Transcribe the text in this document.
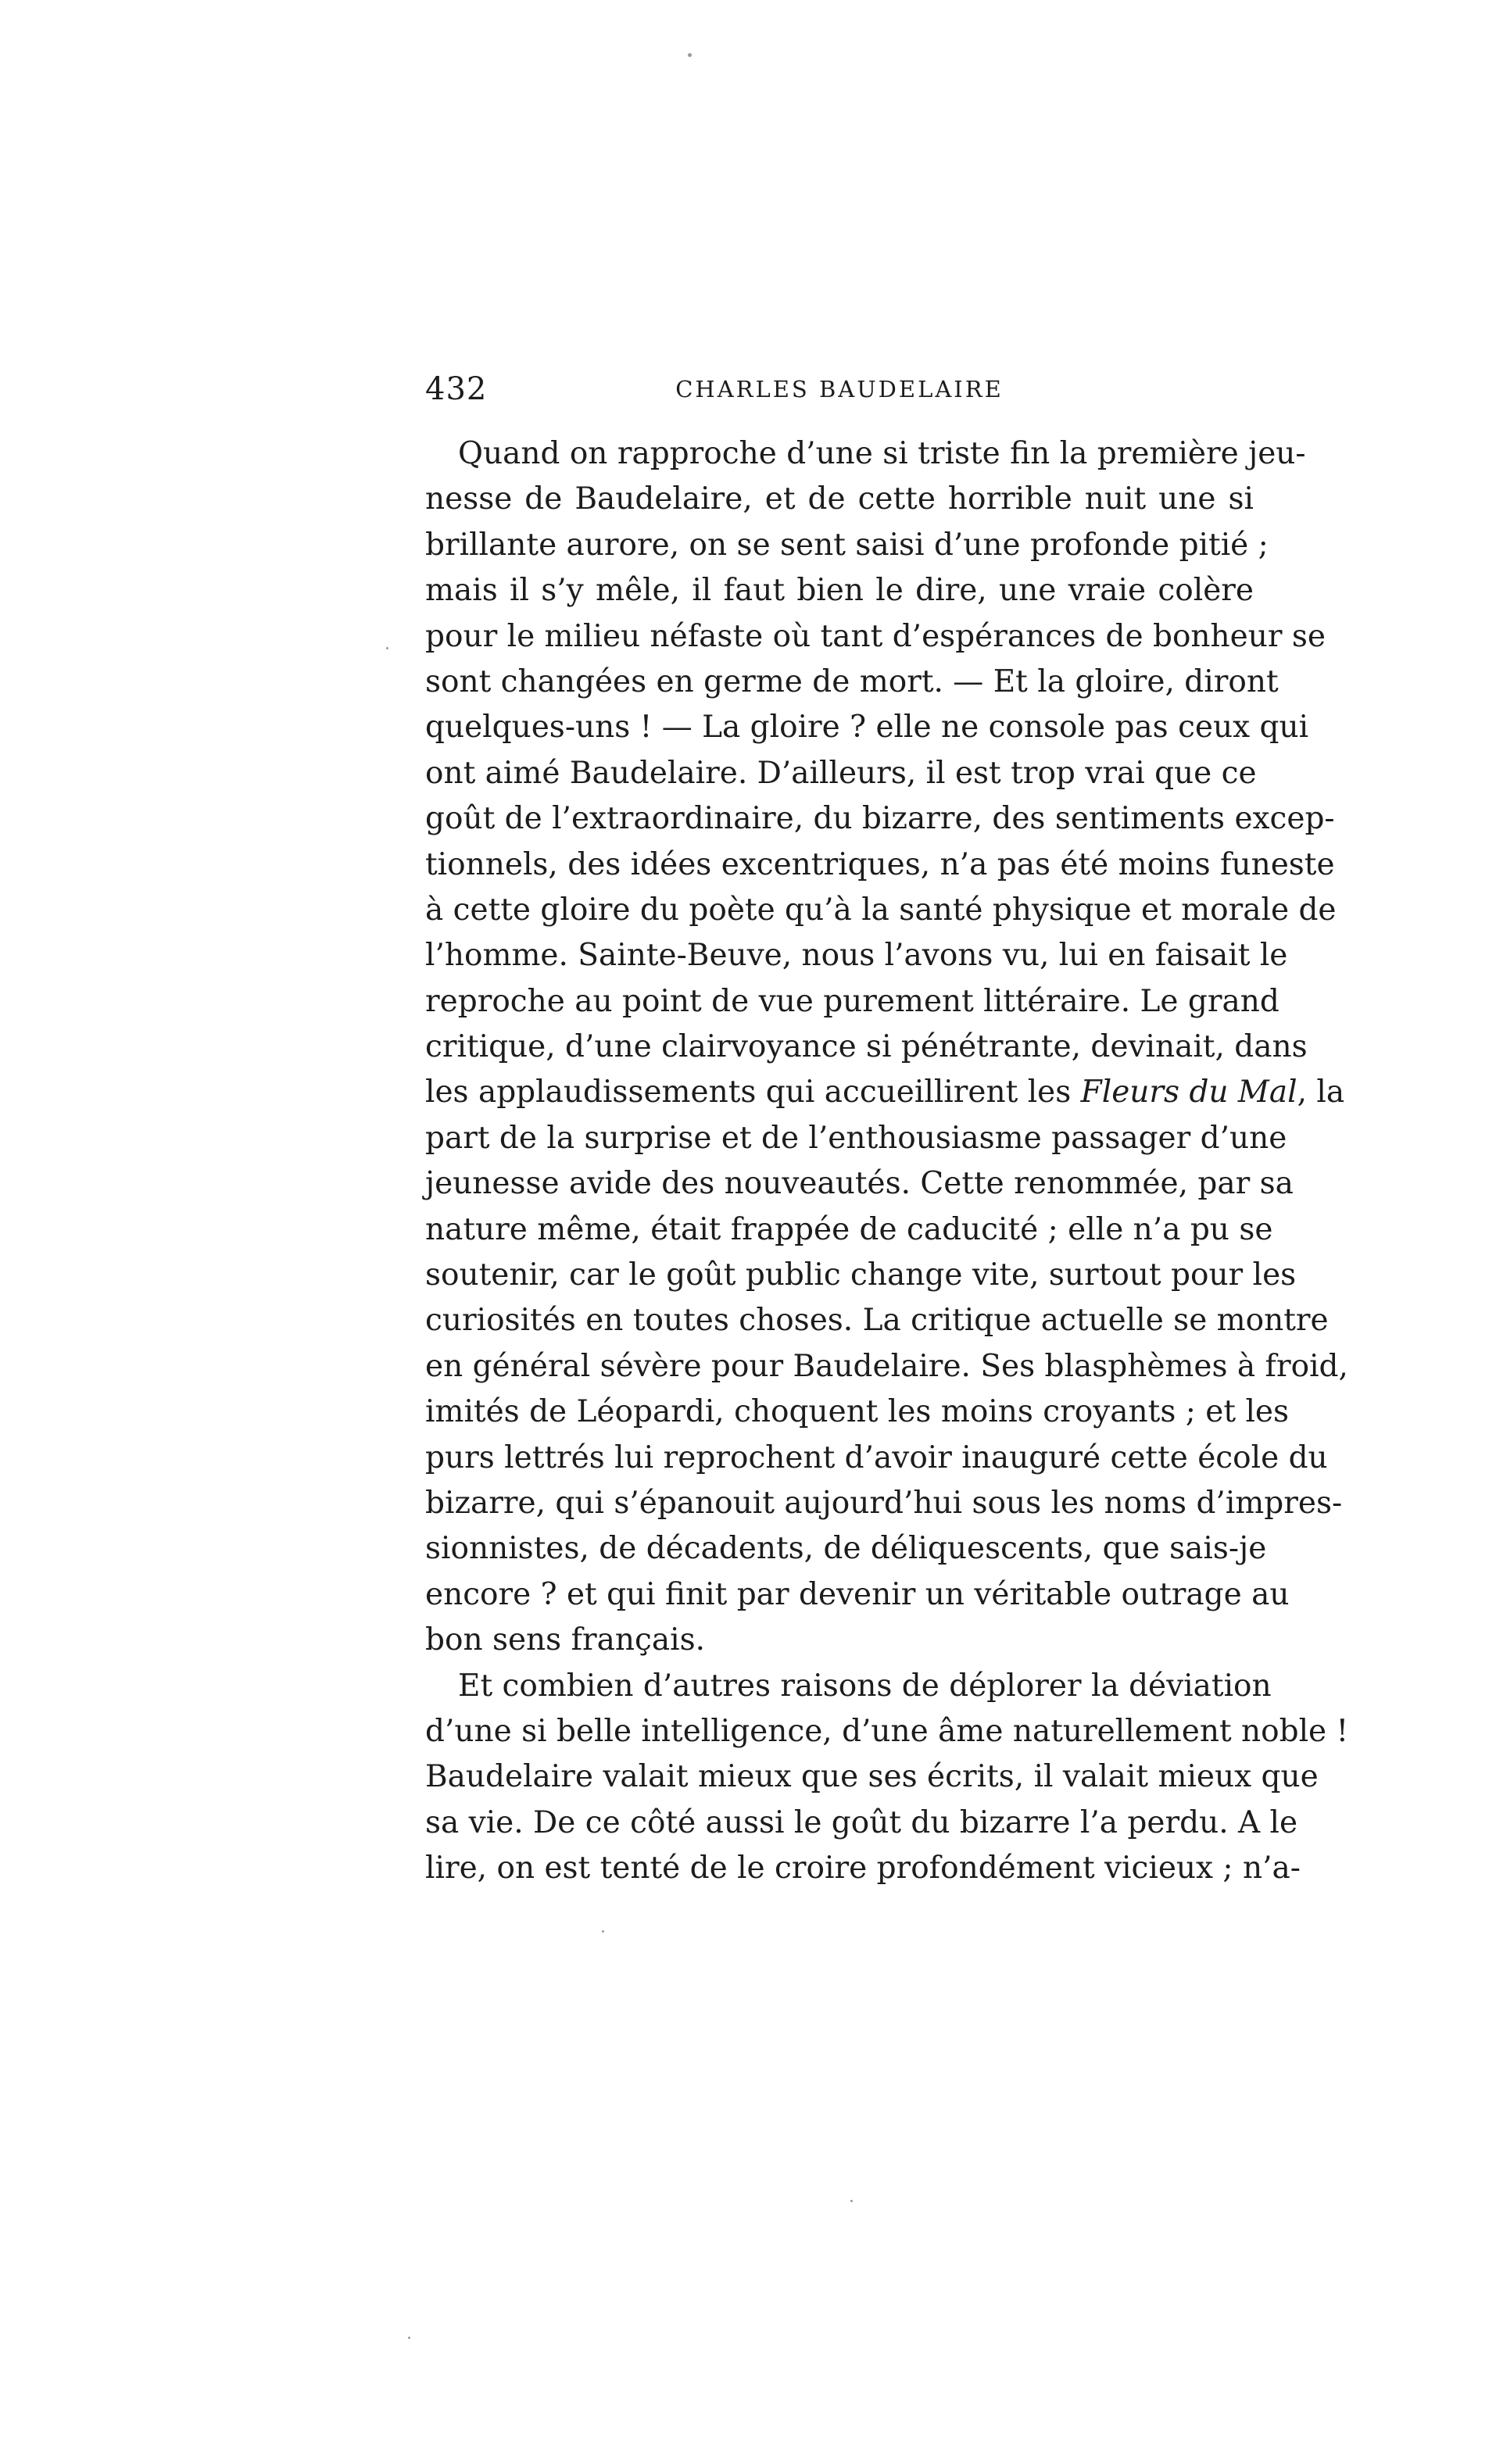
432	CHARLES BAUDELAIRE
Quand on rapproche d’une si triste fin la première jeu-
nesse de Baudelaire, et de cette horrible nuit une si
brillante aurore, on se sent saisi d’une profonde pitié ;
mais il s’y mêle, il faut bien le dire, une vraie colère
pour le milieu néfaste où tant d’espérances de bonheur se
sont changées en germe de mort. — Et la gloire, diront
quelques-uns ! — La gloire ? elle ne console pas ceux qui
ont aimé Baudelaire. D’ailleurs, il est trop vrai que ce
goût de l’extraordinaire, du bizarre, des sentiments excep-
tionnels, des idées excentriques, n’a pas été moins funeste
à cette gloire du poète qu’à la santé physique et morale de
l’homme. Sainte-Beuve, nous l’avons vu, lui en faisait le
reproche au point de vue purement littéraire. Le grand
critique, d’une clairvoyance si pénétrante, devinait, dans
les applaudissements qui accueillirent les Fleurs du Mal, la
part de la surprise et de l’enthousiasme passager d’une
jeunesse avide des nouveautés. Cette renommée, par sa
nature même, était frappée de caducité ; elle n’a pu se
soutenir, car le goût public change vite, surtout pour les
curiosités en toutes choses. La critique actuelle se montre
en général sévère pour Baudelaire. Ses blasphèmes à froid,
imités de Léopardi, choquent les moins croyants ; et les
purs lettrés lui reprochent d’avoir inauguré cette école du
bizarre, qui s’épanouit aujourd’hui sous les noms d’impres-
sionnistes, de décadents, de déliquescents, que sais-je
encore ? et qui finit par devenir un véritable outrage au
bon sens français.
Et combien d’autres raisons de déplorer la déviation
d’une si belle intelligence, d’une âme naturellement noble !
Baudelaire valait mieux que ses écrits, il valait mieux que
sa vie. De ce côté aussi le goût du bizarre l’a perdu. A le
lire, on est tenté de le croire profondément vicieux ; n’a-
